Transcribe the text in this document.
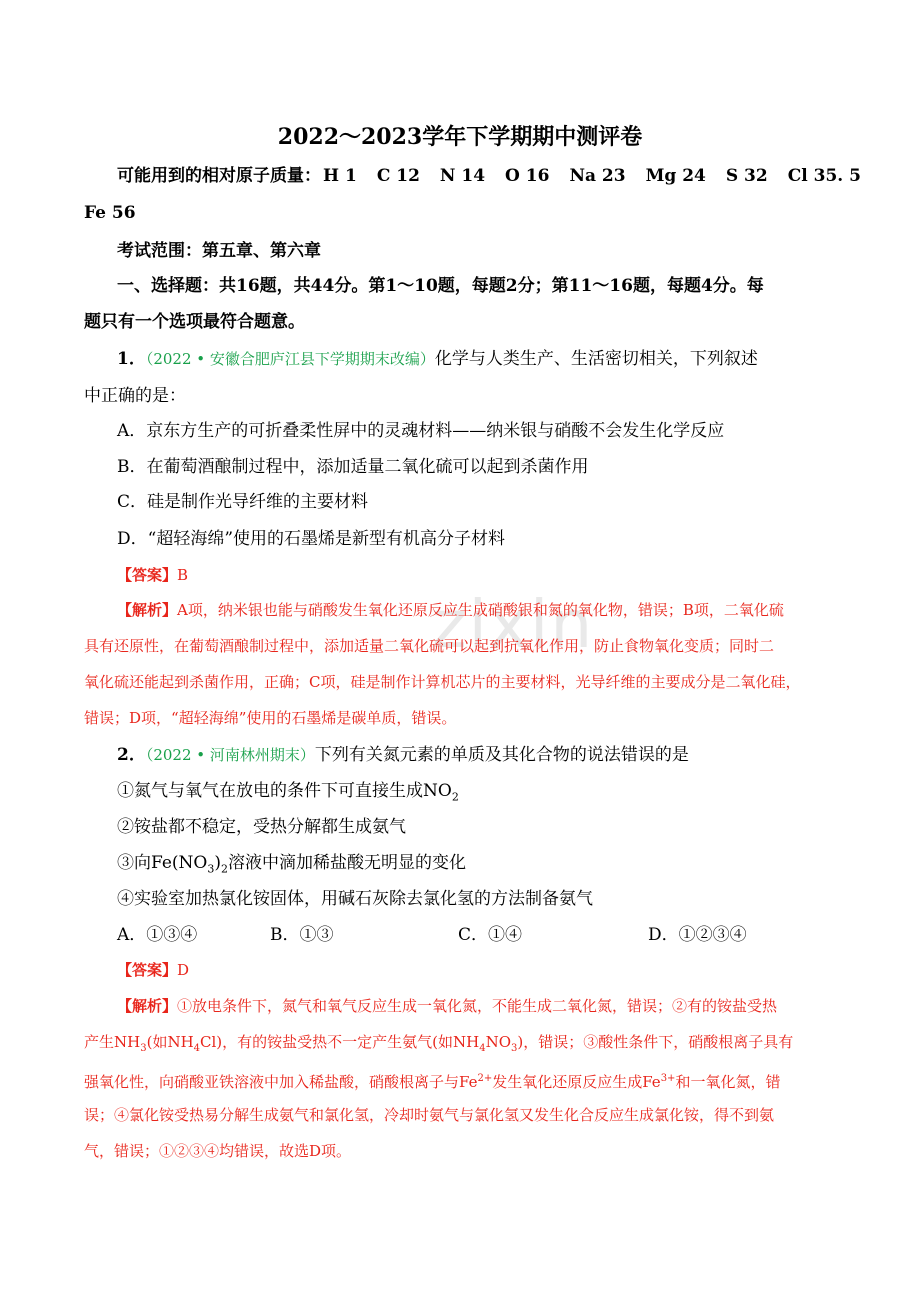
zixin
2022～2023学年下学期期中测评卷
可能用到的相对原子质量： H 1 C 12 N 14 O 16 Na 23 Mg 24 S 32 Cl 35. 5
Fe 56
考试范围：第五章、第六章
一、选择题：共16题，共44分。第1～10题，每题2分；第11～16题，每题4分。每
题只有一个选项最符合题意。
1．（2022 • 安徽合肥庐江县下学期期末改编）化学与人类生产、生活密切相关，下列叙述
中正确的是：
A．京东方生产的可折叠柔性屏中的灵魂材料——纳米银与硝酸不会发生化学反应
B．在葡萄酒酿制过程中，添加适量二氧化硫可以起到杀菌作用
C．硅是制作光导纤维的主要材料
D．“超轻海绵”使用的石墨烯是新型有机高分子材料
【答案】B
【解析】A项，纳米银也能与硝酸发生氧化还原反应生成硝酸银和氮的氧化物，错误；B项，二氧化硫
具有还原性，在葡萄酒酿制过程中，添加适量二氧化硫可以起到抗氧化作用，防止食物氧化变质；同时二
氧化硫还能起到杀菌作用，正确；C项，硅是制作计算机芯片的主要材料，光导纤维的主要成分是二氧化硅，
错误；D项，“超轻海绵”使用的石墨烯是碳单质，错误。
2．（2022 • 河南林州期末）下列有关氮元素的单质及其化合物的说法错误的是
①氮气与氧气在放电的条件下可直接生成$NO_2$
②铵盐都不稳定，受热分解都生成氨气
③向$Fe(NO_3)_2$溶液中滴加稀盐酸无明显的变化
④实验室加热氯化铵固体，用碱石灰除去氯化氢的方法制备氨气
A．①③④	B．①③	C．①④	D．①②③④
【答案】D
【解析】①放电条件下，氮气和氧气反应生成一氧化氮，不能生成二氧化氮，错误；②有的铵盐受热
产生$NH_3$(如$NH_4Cl$)，有的铵盐受热不一定产生氨气(如$NH_4NO_3$)，错误；③酸性条件下，硝酸根离子具有
强氧化性，向硝酸亚铁溶液中加入稀盐酸，硝酸根离子与$Fe^{2+}$发生氧化还原反应生成$Fe^{3+}$和一氧化氮，错
误；④氯化铵受热易分解生成氨气和氯化氢，冷却时氨气与氯化氢又发生化合反应生成氯化铵，得不到氨
气，错误；①②③④均错误，故选D项。
